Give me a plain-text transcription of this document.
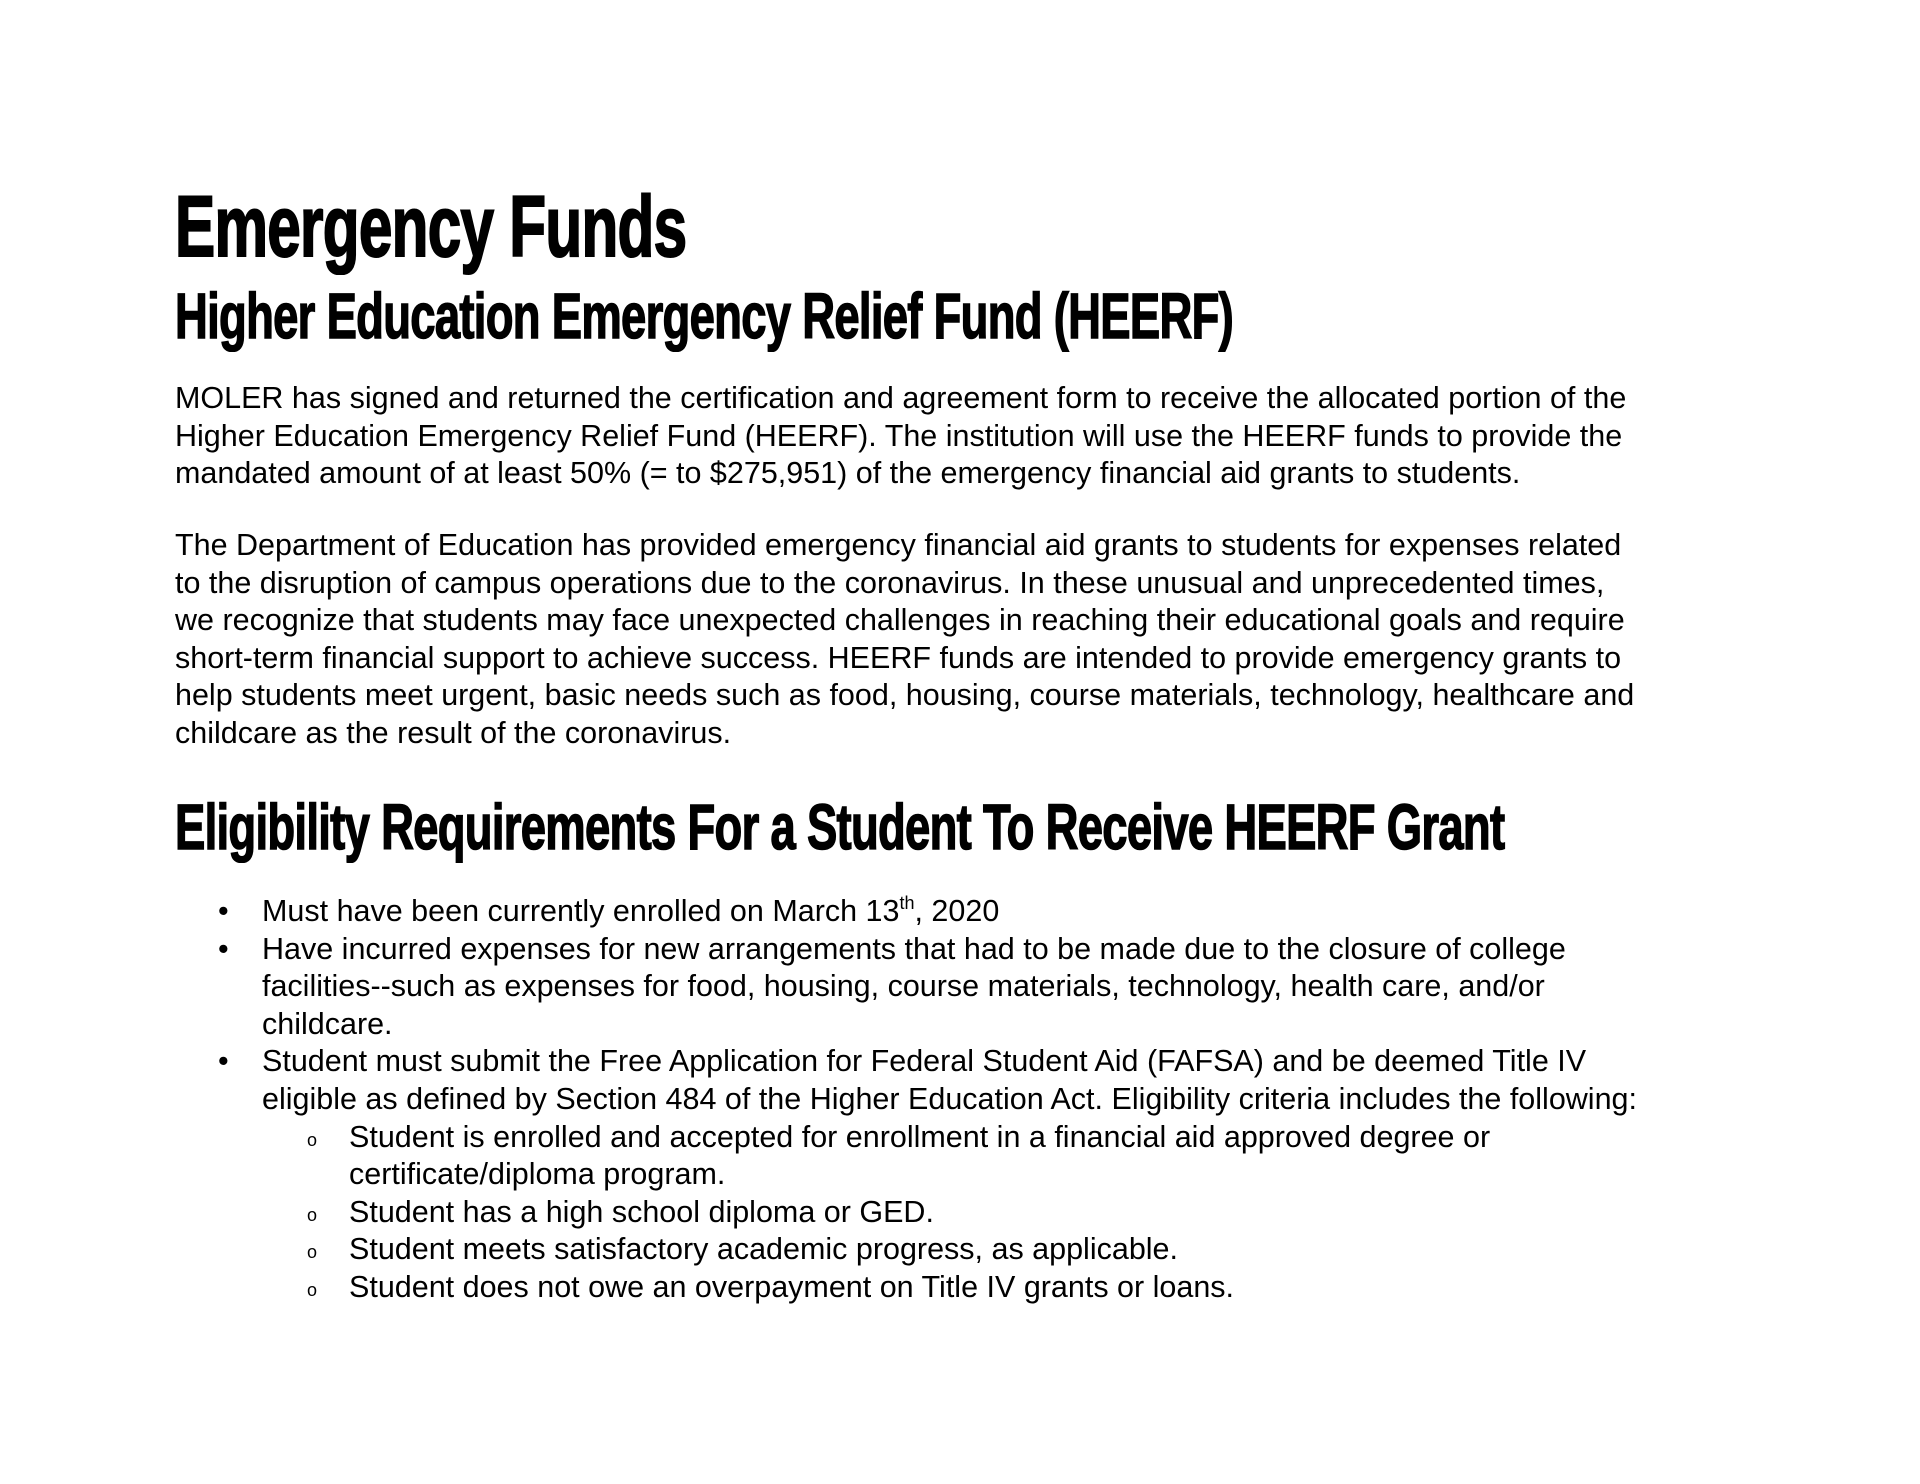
Emergency Funds
Higher Education Emergency Relief Fund (HEERF)
MOLER has signed and returned the certification and agreement form to receive the allocated portion of the
Higher Education Emergency Relief Fund (HEERF). The institution will use the HEERF funds to provide the
mandated amount of at least 50% (= to $275,951) of the emergency financial aid grants to students.
The Department of Education has provided emergency financial aid grants to students for expenses related
to the disruption of campus operations due to the coronavirus. In these unusual and unprecedented times,
we recognize that students may face unexpected challenges in reaching their educational goals and require
short-term financial support to achieve success. HEERF funds are intended to provide emergency grants to
help students meet urgent, basic needs such as food, housing, course materials, technology, healthcare and
childcare as the result of the coronavirus.
Eligibility Requirements For a Student To Receive HEERF Grant
• Must have been currently enrolled on March 13th, 2020
• Have incurred expenses for new arrangements that had to be made due to the closure of college
facilities--such as expenses for food, housing, course materials, technology, health care, and/or
childcare.
• Student must submit the Free Application for Federal Student Aid (FAFSA) and be deemed Title IV
eligible as defined by Section 484 of the Higher Education Act. Eligibility criteria includes the following:
o Student is enrolled and accepted for enrollment in a financial aid approved degree or
certificate/diploma program.
o Student has a high school diploma or GED.
o Student meets satisfactory academic progress, as applicable.
o Student does not owe an overpayment on Title IV grants or loans.
